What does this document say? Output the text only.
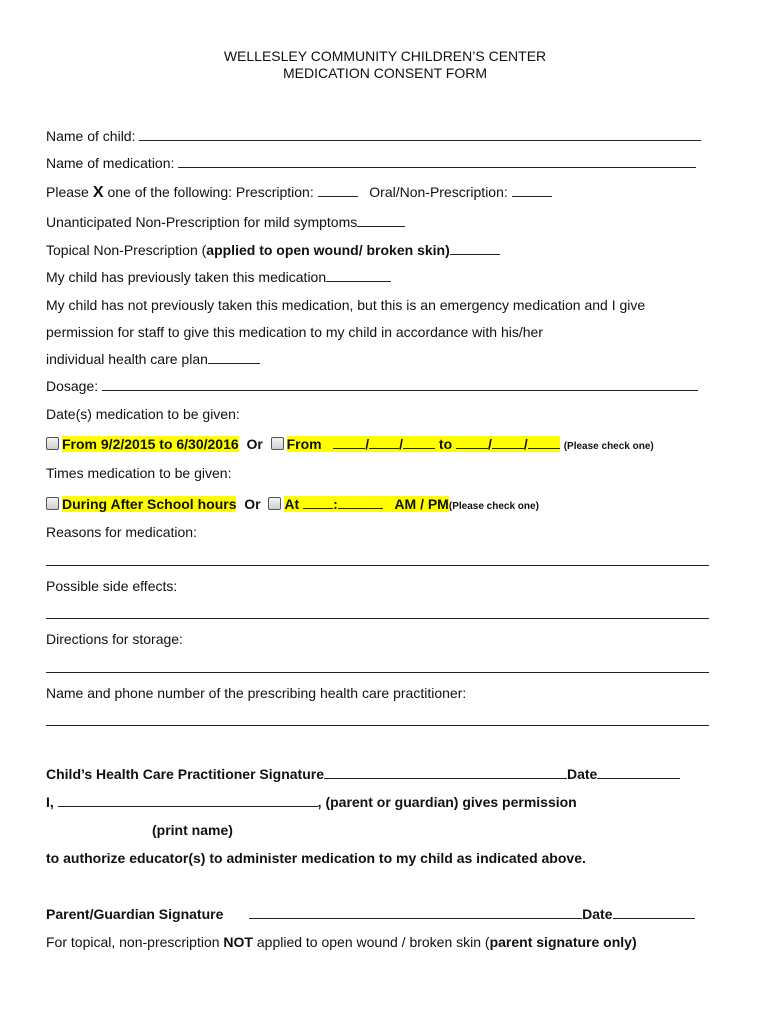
WELLESLEY COMMUNITY CHILDREN’S CENTER
MEDICATION CONSENT FORM
Name of child:
Name of medication:
Please X one of the following: Prescription:	Oral/Non-Prescription:
Unanticipated Non-Prescription for mild symptoms
Topical Non-Prescription (applied to open wound/ broken skin)
My child has previously taken this medication
My child has not previously taken this medication, but this is an emergency medication and I give
permission for staff to give this medication to my child in accordance with his/her
individual health care plan
Dosage:
Date(s) medication to be given:
From 9/2/2015 to 6/30/2016 Or From	/ /	to	/ /	(Please check one)
Times medication to be given:
During After School hours Or At :	AM / PM(Please check one)
Reasons for medication:
Possible side effects:
Directions for storage:
Name and phone number of the prescribing health care practitioner:
Child’s Health Care Practitioner Signature	Date
I,	, (parent or guardian) gives permission
(print name)
to authorize educator(s) to administer medication to my child as indicated above.
Parent/Guardian Signature	Date
For topical, non-prescription NOT applied to open wound / broken skin (parent signature only)
